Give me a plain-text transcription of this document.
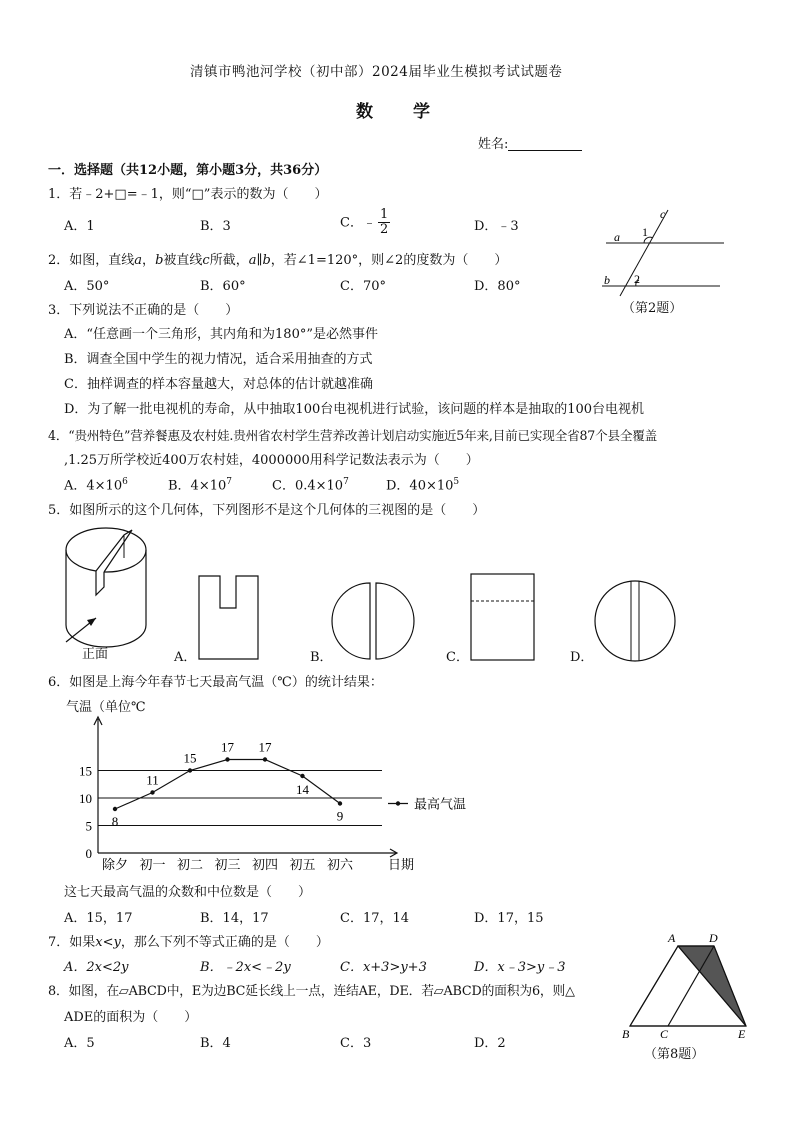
清镇市鸭池河学校（初中部）2024届毕业生模拟考试试题卷
数　　学
姓名:
一．选择题（共12小题，第小题3分，共36分）
1．若﹣2+□=﹣1，则“□”表示的数为（　　）
A．1	B．3	C．﹣ $\frac{1}{2}$	D．﹣3
2．如图，直线a，b被直线c所截，a∥b，若∠1=120°，则∠2的度数为（　　）
A．50°	B．60°	C．70°	D．80°
a
b
c
1
2
（第2题）
3．下列说法不正确的是（　　）
A．“任意画一个三角形，其内角和为180°”是必然事件
B．调查全国中学生的视力情况，适合采用抽查的方式
C．抽样调查的样本容量越大，对总体的估计就越准确
D．为了解一批电视机的寿命，从中抽取100台电视机进行试验，该问题的样本是抽取的100台电视机
4．“贵州特色”营养餐惠及农村娃.贵州省农村学生营养改善计划启动实施近5年来,目前已实现全省87个县全覆盖
,1.25万所学校近400万农村娃，4000000用科学记数法表示为（　　）
A．$4\times 10^6$	B．$4\times 10^7$	C．$0.4\times 10^7$	D．$40\times 10^5$
5．如图所示的这个几何体，下列图形不是这个几何体的三视图的是（　　）
正面	A．	B．	C．	D．
6．如图是上海今年春节七天最高气温（℃）的统计结果：
气温（单位℃
0
5
10
15
除夕 初一 初二 初三 初四 初五 初六	日期
8
11
15
17 17
14
9
最高气温
这七天最高气温的众数和中位数是（　　）
A．15，17	B．14，17	C．17，14	D．17，15
7．如果x<y，那么下列不等式正确的是（　　）
A．2x<2y	B．﹣2x<﹣2y	C．x+3>y+3	D．x﹣3>y﹣3
8．如图，在▱ABCD中，E为边BC延长线上一点，连结AE，DE．若▱ABCD的面积为6，则△
ADE的面积为（　　）
A．5	B．4	C．3	D．2
A	D
B	C	E
（第8题）
